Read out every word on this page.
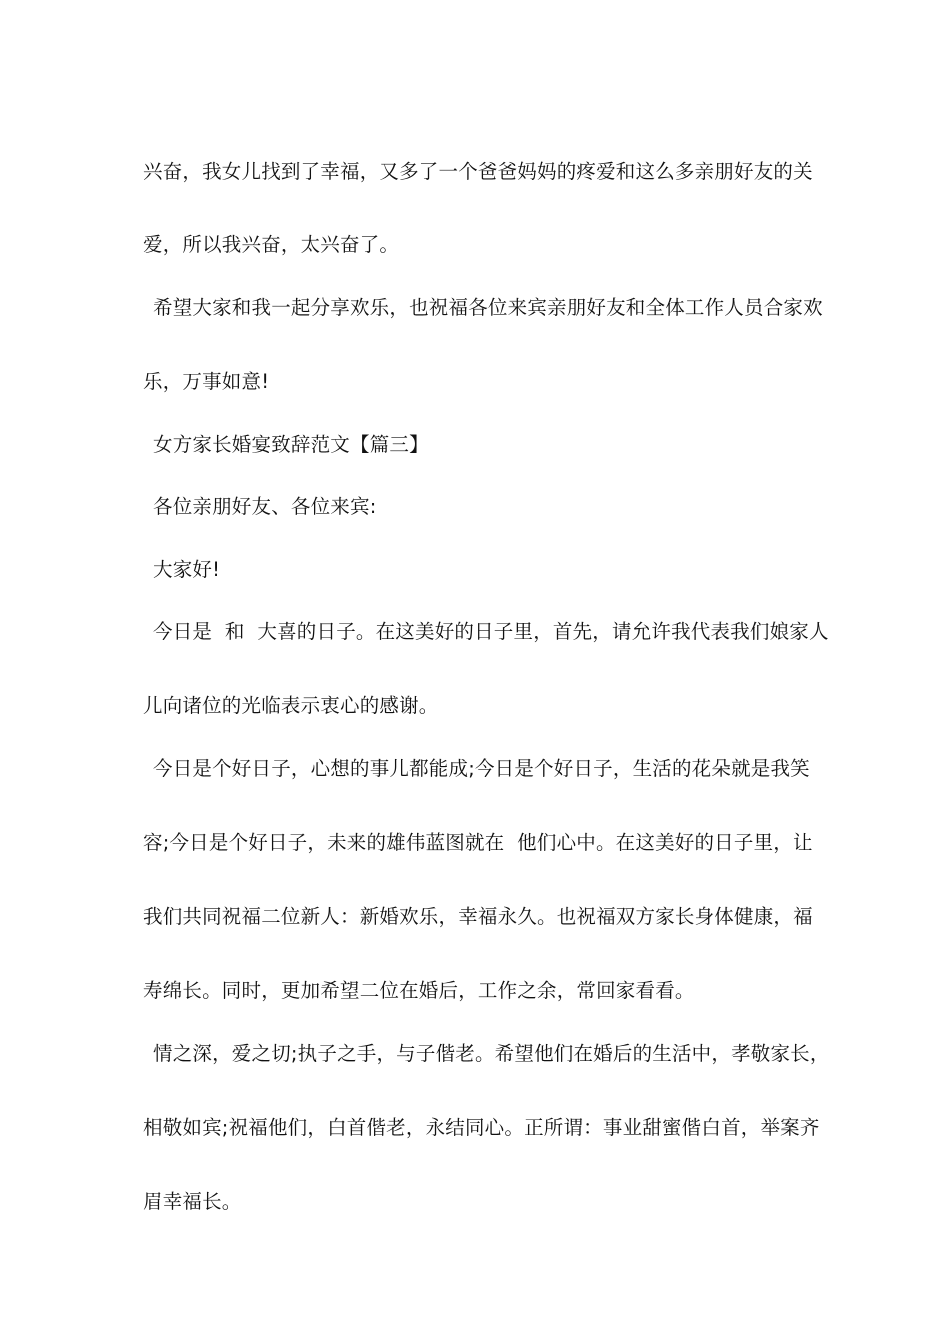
兴奋，我女儿找到了幸福，又多了一个爸爸妈妈的疼爱和这么多亲朋好友的关

爱，所以我兴奋，太兴奋了。

希望大家和我一起分享欢乐，也祝福各位来宾亲朋好友和全体工作人员合家欢

乐，万事如意!

女方家长婚宴致辞范文【篇三】

各位亲朋好友、各位来宾:

大家好!

今日是  和  大喜的日子。在这美好的日子里，首先，请允许我代表我们娘家人

儿向诸位的光临表示衷心的感谢。

今日是个好日子，心想的事儿都能成;今日是个好日子，生活的花朵就是我笑

容;今日是个好日子，未来的雄伟蓝图就在  他们心中。在这美好的日子里，让

我们共同祝福二位新人：新婚欢乐，幸福永久。也祝福双方家长身体健康，福

寿绵长。同时，更加希望二位在婚后，工作之余，常回家看看。

情之深，爱之切;执子之手，与子偕老。希望他们在婚后的生活中，孝敬家长，

相敬如宾;祝福他们，白首偕老，永结同心。正所谓：事业甜蜜偕白首，举案齐

眉幸福长。
